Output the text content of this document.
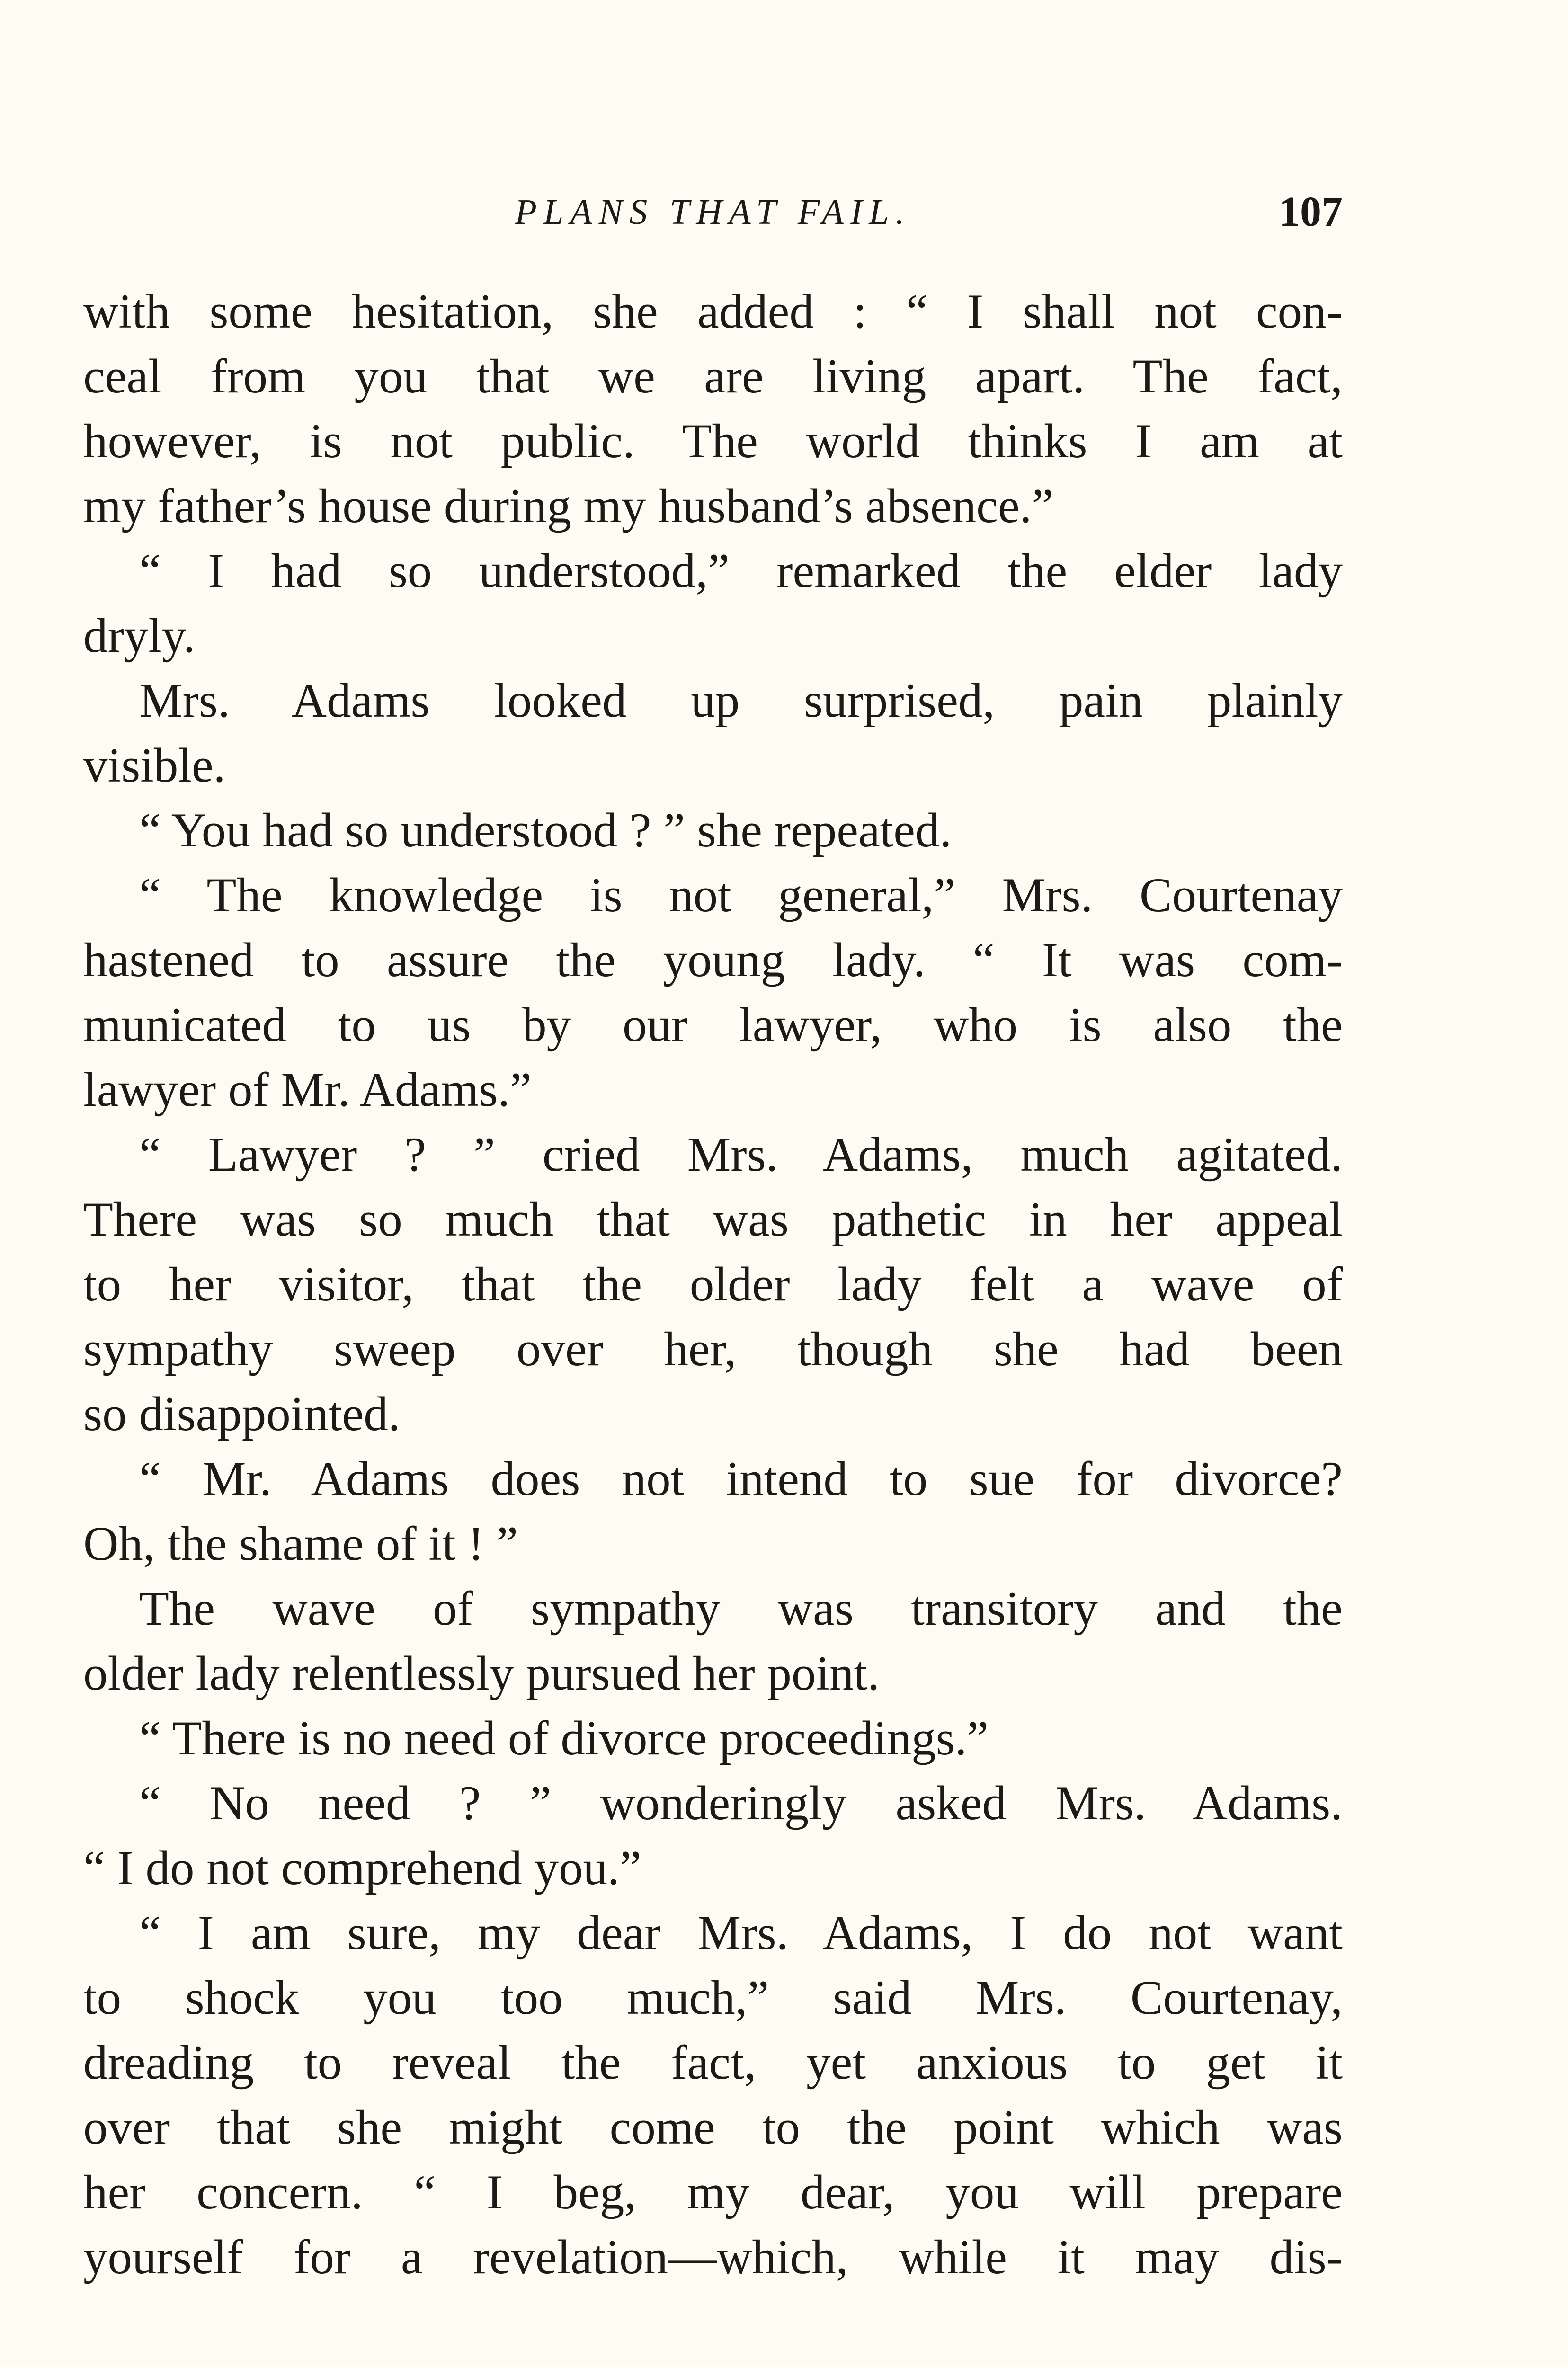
PLANS THAT FAIL.	107
with some hesitation, she added : “ I shall not con-
ceal from you that we are living apart. The fact,
however, is not public. The world thinks I am at
my father’s house during my husband’s absence.”
“ I had so understood,” remarked the elder lady
dryly.
Mrs. Adams looked up surprised, pain plainly
visible.
“ You had so understood ? ” she repeated.
“ The knowledge is not general,” Mrs. Courtenay
hastened to assure the young lady. “ It was com-
municated to us by our lawyer, who is also the
lawyer of Mr. Adams.”
“ Lawyer ? ” cried Mrs. Adams, much agitated.
There was so much that was pathetic in her appeal
to her visitor, that the older lady felt a wave of
sympathy sweep over her, though she had been
so disappointed.
“ Mr. Adams does not intend to sue for divorce?
Oh, the shame of it ! ”
The wave of sympathy was transitory and the
older lady relentlessly pursued her point.
“ There is no need of divorce proceedings.”
“ No need ? ” wonderingly asked Mrs. Adams.
“ I do not comprehend you.”
“ I am sure, my dear Mrs. Adams, I do not want
to shock you too much,” said Mrs. Courtenay,
dreading to reveal the fact, yet anxious to get it
over that she might come to the point which was
her concern. “ I beg, my dear, you will prepare
yourself for a revelation—which, while it may dis-
